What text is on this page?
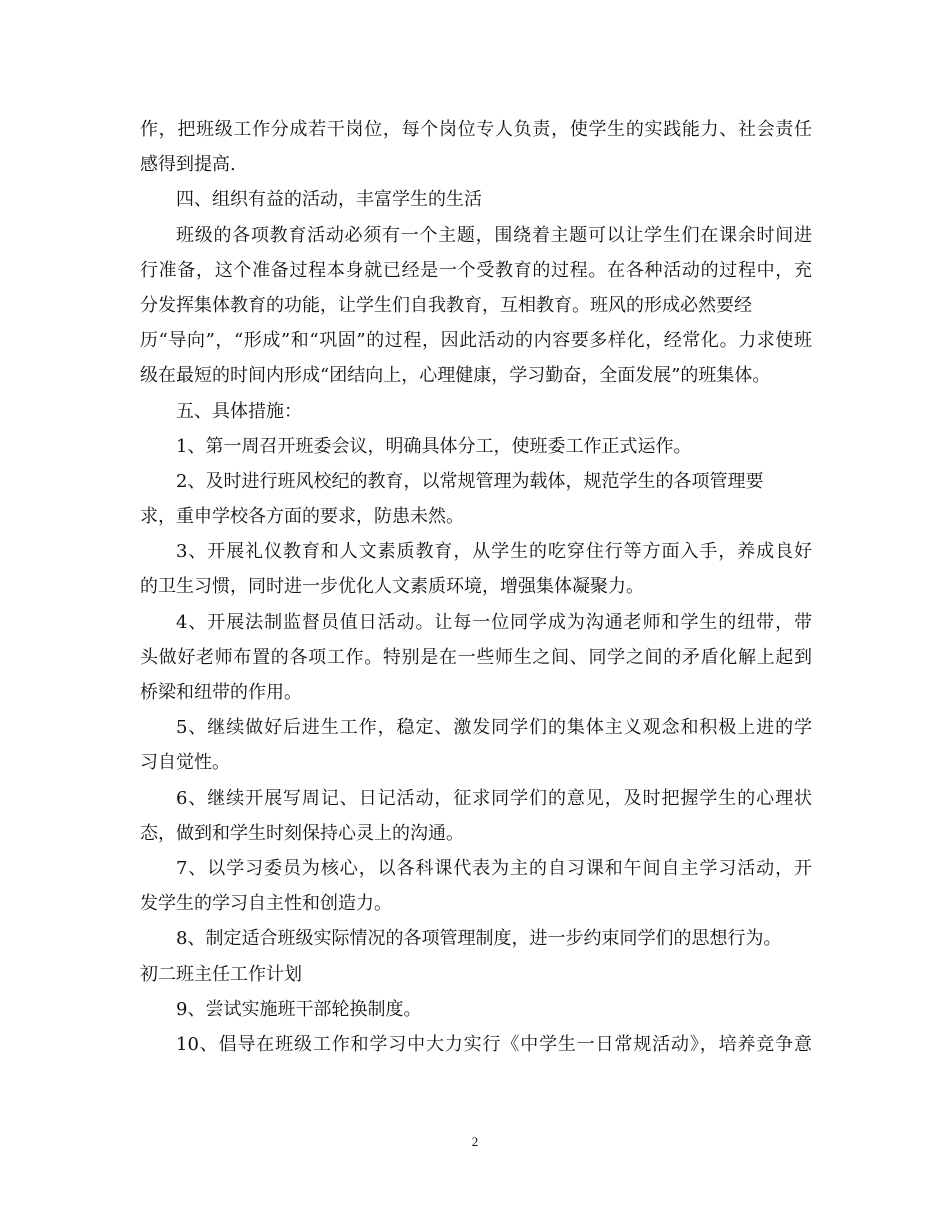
作，把班级工作分成若干岗位，每个岗位专人负责，使学生的实践能力、社会责任
感得到提高.
四、组织有益的活动，丰富学生的生活
班级的各项教育活动必须有一个主题，围绕着主题可以让学生们在课余时间进
行准备，这个准备过程本身就已经是一个受教育的过程。在各种活动的过程中，充
分发挥集体教育的功能，让学生们自我教育，互相教育。班风的形成必然要经
历“导向”，“形成”和“巩固”的过程，因此活动的内容要多样化，经常化。力求使班
级在最短的时间内形成“团结向上，心理健康，学习勤奋，全面发展”的班集体。
五、具体措施：
1、第一周召开班委会议，明确具体分工，使班委工作正式运作。
2、及时进行班风校纪的教育，以常规管理为载体，规范学生的各项管理要
求，重申学校各方面的要求，防患未然。
3、开展礼仪教育和人文素质教育，从学生的吃穿住行等方面入手，养成良好
的卫生习惯，同时进一步优化人文素质环境，增强集体凝聚力。
4、开展法制监督员值日活动。让每一位同学成为沟通老师和学生的纽带，带
头做好老师布置的各项工作。特别是在一些师生之间、同学之间的矛盾化解上起到
桥梁和纽带的作用。
5、继续做好后进生工作，稳定、激发同学们的集体主义观念和积极上进的学
习自觉性。
6、继续开展写周记、日记活动，征求同学们的意见，及时把握学生的心理状
态，做到和学生时刻保持心灵上的沟通。
7、以学习委员为核心，以各科课代表为主的自习课和午间自主学习活动，开
发学生的学习自主性和创造力。
8、制定适合班级实际情况的各项管理制度，进一步约束同学们的思想行为。
初二班主任工作计划
9、尝试实施班干部轮换制度。
10、倡导在班级工作和学习中大力实行《中学生一日常规活动》，培养竞争意
2
